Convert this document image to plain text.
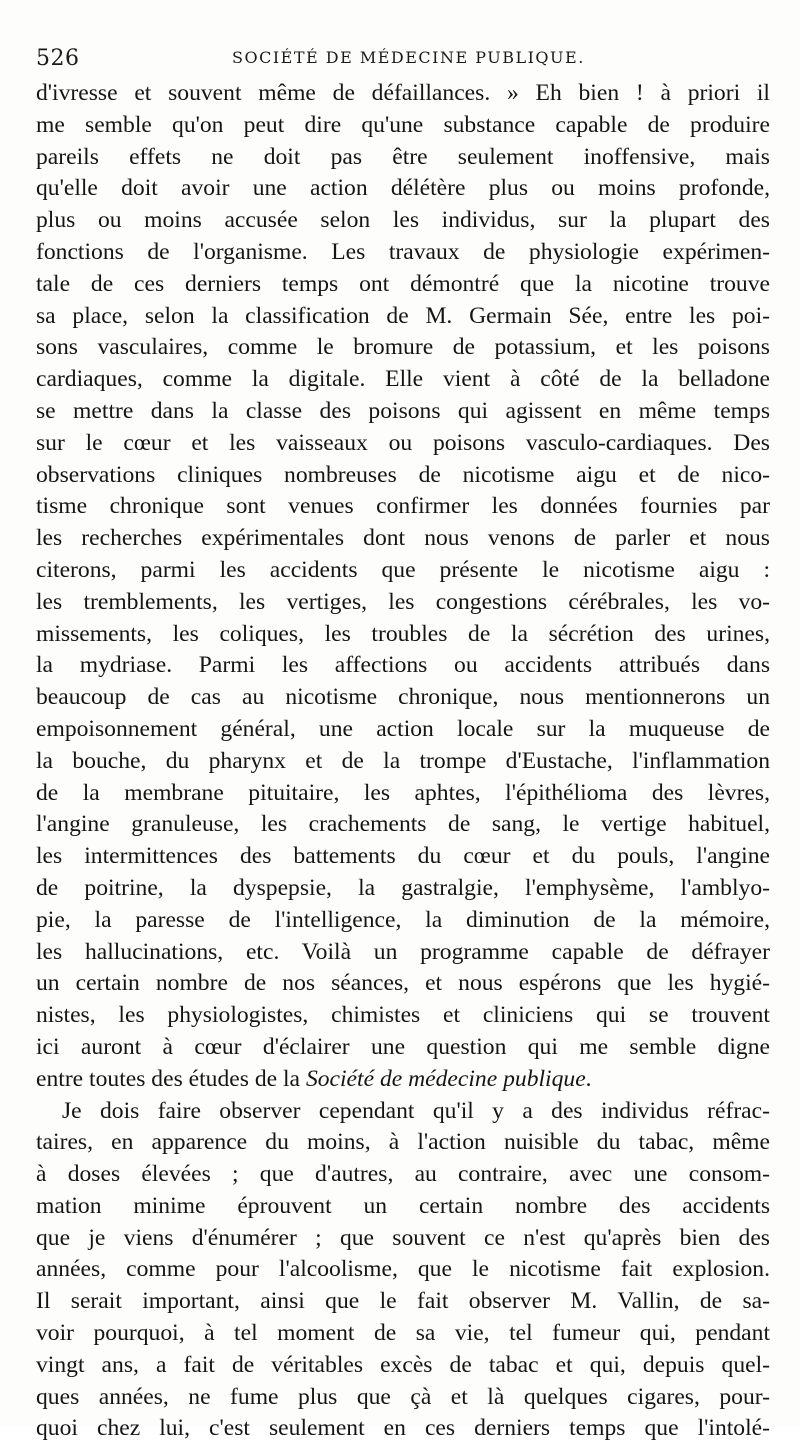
526	SOCIÉTÉ DE MÉDECINE PUBLIQUE.

d'ivresse et souvent même de défaillances. » Eh bien ! à priori il
me semble qu'on peut dire qu'une substance capable de produire
pareils effets ne doit pas être seulement inoffensive, mais
qu'elle doit avoir une action délétère plus ou moins profonde,
plus ou moins accusée selon les individus, sur la plupart des
fonctions de l'organisme. Les travaux de physiologie expérimen-
tale de ces derniers temps ont démontré que la nicotine trouve
sa place, selon la classification de M. Germain Sée, entre les poi-
sons vasculaires, comme le bromure de potassium, et les poisons
cardiaques, comme la digitale. Elle vient à côté de la belladone
se mettre dans la classe des poisons qui agissent en même temps
sur le cœur et les vaisseaux ou poisons vasculo-cardiaques. Des
observations cliniques nombreuses de nicotisme aigu et de nico-
tisme chronique sont venues confirmer les données fournies par
les recherches expérimentales dont nous venons de parler et nous
citerons, parmi les accidents que présente le nicotisme aigu :
les tremblements, les vertiges, les congestions cérébrales, les vo-
missements, les coliques, les troubles de la sécrétion des urines,
la mydriase. Parmi les affections ou accidents attribués dans
beaucoup de cas au nicotisme chronique, nous mentionnerons un
empoisonnement général, une action locale sur la muqueuse de
la bouche, du pharynx et de la trompe d'Eustache, l'inflammation
de la membrane pituitaire, les aphtes, l'épithélioma des lèvres,
l'angine granuleuse, les crachements de sang, le vertige habituel,
les intermittences des battements du cœur et du pouls, l'angine
de poitrine, la dyspepsie, la gastralgie, l'emphysème, l'amblyo-
pie, la paresse de l'intelligence, la diminution de la mémoire,
les hallucinations, etc. Voilà un programme capable de défrayer
un certain nombre de nos séances, et nous espérons que les hygié-
nistes, les physiologistes, chimistes et cliniciens qui se trouvent
ici auront à cœur d'éclairer une question qui me semble digne
entre toutes des études de la Société de médecine publique.

Je dois faire observer cependant qu'il y a des individus réfrac-
taires, en apparence du moins, à l'action nuisible du tabac, même
à doses élevées ; que d'autres, au contraire, avec une consom-
mation minime éprouvent un certain nombre des accidents
que je viens d'énumérer ; que souvent ce n'est qu'après bien des
années, comme pour l'alcoolisme, que le nicotisme fait explosion.
Il serait important, ainsi que le fait observer M. Vallin, de sa-
voir pourquoi, à tel moment de sa vie, tel fumeur qui, pendant
vingt ans, a fait de véritables excès de tabac et qui, depuis quel-
ques années, ne fume plus que çà et là quelques cigares, pour-
quoi chez lui, c'est seulement en ces derniers temps que l'intolé-
